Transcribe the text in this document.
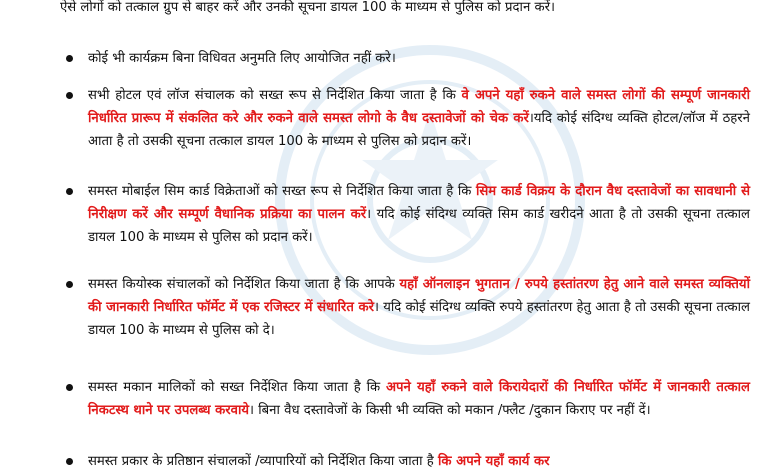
ऐसे लोगों को तत्काल ग्रुप से बाहर करें और उनकी सूचना डायल 100 के माध्यम से पुलिस को प्रदान करें।
कोई भी कार्यक्रम बिना विधिवत अनुमति लिए आयोजित नहीं करे।
सभी होटल एवं लॉज संचालक को सख्त रूप से निर्देशित किया जाता है कि वे अपने यहाँ रुकने वाले समस्त लोगों की सम्पूर्ण जानकारी निर्धारित प्रारूप में संकलित करे और रुकने वाले समस्त लोगो के वैध दस्तावेजों को चेक करें।यदि कोई संदिग्ध व्यक्ति होटल/लॉज में ठहरने आता है तो उसकी सूचना तत्काल डायल 100 के माध्यम से पुलिस को प्रदान करें।
समस्त मोबाईल सिम कार्ड विक्रेताओं को सख्त रूप से निर्देशित किया जाता है कि सिम कार्ड विक्रय के दौरान वैध दस्तावेजों का सावधानी से निरीक्षण करें और सम्पूर्ण वैधानिक प्रक्रिया का पालन करें। यदि कोई संदिग्ध व्यक्ति सिम कार्ड खरीदने आता है तो उसकी सूचना तत्काल डायल 100 के माध्यम से पुलिस को प्रदान करें।
समस्त कियोस्क संचालकों को निर्देशित किया जाता है कि आपके यहाँ ऑनलाइन भुगतान / रुपये हस्तांतरण हेतु आने वाले समस्त व्यक्तियों की जानकारी निर्धारित फॉर्मेट में एक रजिस्टर में संधारित करे। यदि कोई संदिग्ध व्यक्ति रुपये हस्तांतरण हेतु आता है तो उसकी सूचना तत्काल डायल 100 के माध्यम से पुलिस को दे।
समस्त मकान मालिकों को सख्त निर्देशित किया जाता है कि अपने यहाँ रुकने वाले किरायेदारों की निर्धारित फॉर्मेट में जानकारी तत्काल निकटस्थ थाने पर उपलब्ध करवाये। बिना वैध दस्तावेजों के किसी भी व्यक्ति को मकान /फ्लैट /दुकान किराए पर नहीं दें।
समस्त प्रकार के प्रतिष्ठान संचालकों /व्यापारियों को निर्देशित किया जाता है कि अपने यहाँ कार्य कर
